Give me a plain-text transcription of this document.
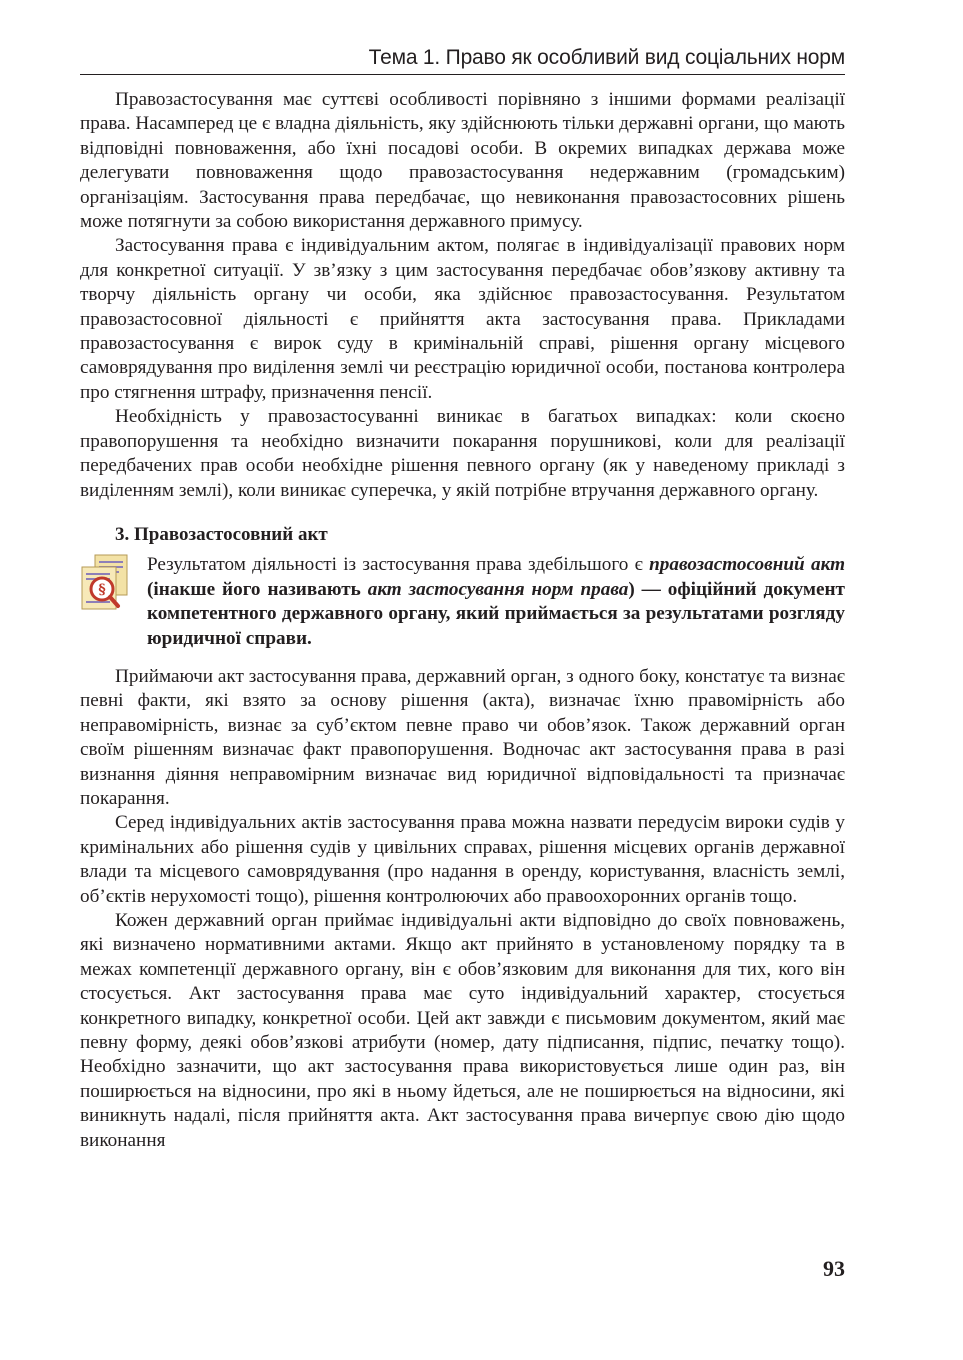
Тема 1. Право як особливий вид соціальних норм

Правозастосування має суттєві особливості порівняно з іншими формами реалізації права. Насамперед це є владна діяльність, яку здійснюють тільки державні органи, що мають відповідні повноваження, або їхні посадові особи. В окремих випадках держава може делегувати повноваження щодо правозастосування недержавним (громадським) організаціям. Застосування права передбачає, що невиконання правозастосовних рішень може потягнути за собою використання державного примусу.

Застосування права є індивідуальним актом, полягає в індивідуалізації правових норм для конкретної ситуації. У зв’язку з цим застосування передбачає обов’язкову активну та творчу діяльність органу чи особи, яка здійснює правозастосування. Результатом правозастосовної діяльності є прийняття акта застосування права. Прикладами правозастосування є вирок суду в кримінальній справі, рішення органу місцевого самоврядування про виділення землі чи реєстрацію юридичної особи, постанова контролера про стягнення штрафу, призначення пенсії.

Необхідність у правозастосуванні виникає в багатьох випадках: коли скоєно правопорушення та необхідно визначити покарання порушникові, коли для реалізації передбачених прав особи необхідне рішення певного органу (як у наведеному прикладі з виділенням землі), коли виникає суперечка, у якій потрібне втручання державного органу.

3. Правозастосовний акт
§

Результатом діяльності із застосування права здебільшого є правозастосовний акт (інакше його називають акт застосування норм права) — офіційний документ компетентного державного органу, який приймається за результатами розгляду юридичної справи.

Приймаючи акт застосування права, державний орган, з одного боку, констатує та визнає певні факти, які взято за основу рішення (акта), визначає їхню правомірність або неправомірність, визнає за суб’єктом певне право чи обов’язок. Також державний орган своїм рішенням визначає факт правопорушення. Водночас акт застосування права в разі визнання діяння неправомірним визначає вид юридичної відповідальності та призначає покарання.

Серед індивідуальних актів застосування права можна назвати передусім вироки судів у кримінальних або рішення судів у цивільних справах, рішення місцевих органів державної влади та місцевого самоврядування (про надання в оренду, користування, власність землі, об’єктів нерухомості тощо), рішення контролюючих або правоохоронних органів тощо.

Кожен державний орган приймає індивідуальні акти відповідно до своїх повноважень, які визначено нормативними актами. Якщо акт прийнято в установленому порядку та в межах компетенції державного органу, він є обов’язковим для виконання для тих, кого він стосується. Акт застосування права має суто індивідуальний характер, стосується конкретного випадку, конкретної особи. Цей акт завжди є письмовим документом, який має певну форму, деякі обов’язкові атрибути (номер, дату підписання, підпис, печатку тощо). Необхідно зазначити, що акт застосування права використовується лише один раз, він поширюється на відносини, про які в ньому йдеться, але не поширюється на відносини, які виникнуть надалі, після прийняття акта. Акт застосування права вичерпує свою дію щодо виконання

93
